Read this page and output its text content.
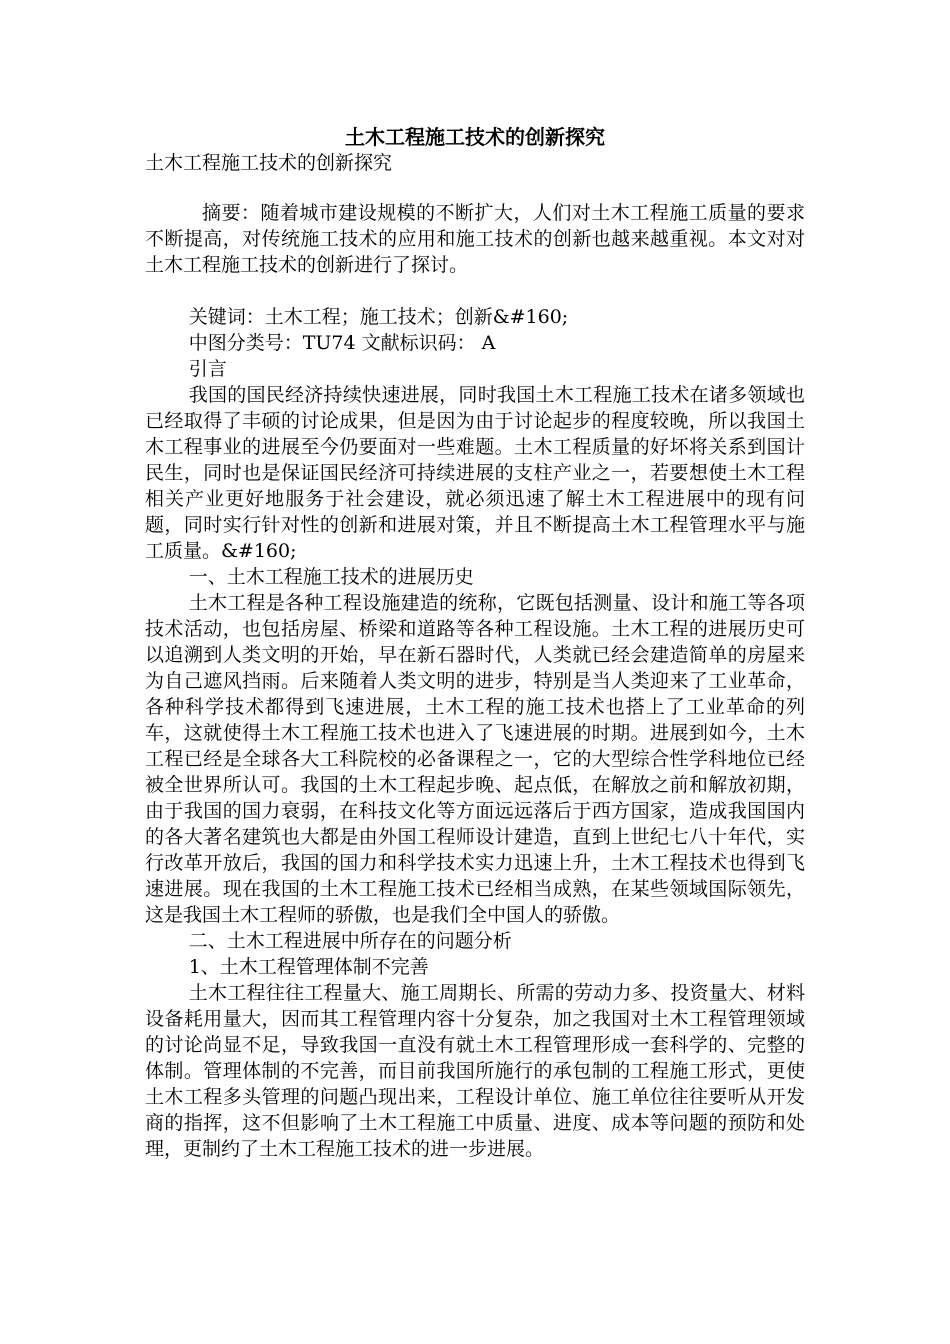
土木工程施工技术的创新探究
土木工程施工技术的创新探究

摘要：随着城市建设规模的不断扩大，人们对土木工程施工质量的要求不断提高，对传统施工技术的应用和施工技术的创新也越来越重视。本文对对土木工程施工技术的创新进行了探讨。

关键词：土木工程；施工技术；创新&#160;

中图分类号：TU74 文献标识码： A

引言

我国的国民经济持续快速进展，同时我国土木工程施工技术在诸多领域也已经取得了丰硕的讨论成果，但是因为由于讨论起步的程度较晚，所以我国土木工程事业的进展至今仍要面对一些难题。土木工程质量的好坏将关系到国计民生，同时也是保证国民经济可持续进展的支柱产业之一，若要想使土木工程相关产业更好地服务于社会建设，就必须迅速了解土木工程进展中的现有问题，同时实行针对性的创新和进展对策，并且不断提高土木工程管理水平与施工质量。&#160;

一、土木工程施工技术的进展历史

土木工程是各种工程设施建造的统称，它既包括测量、设计和施工等各项技术活动，也包括房屋、桥梁和道路等各种工程设施。土木工程的进展历史可以追溯到人类文明的开始，早在新石器时代，人类就已经会建造简单的房屋来为自己遮风挡雨。后来随着人类文明的进步，特别是当人类迎来了工业革命，各种科学技术都得到飞速进展，土木工程的施工技术也搭上了工业革命的列车，这就使得土木工程施工技术也进入了飞速进展的时期。进展到如今，土木工程已经是全球各大工科院校的必备课程之一，它的大型综合性学科地位已经被全世界所认可。我国的土木工程起步晚、起点低，在解放之前和解放初期，由于我国的国力衰弱，在科技文化等方面远远落后于西方国家，造成我国国内的各大著名建筑也大都是由外国工程师设计建造，直到上世纪七八十年代，实行改革开放后，我国的国力和科学技术实力迅速上升，土木工程技术也得到飞速进展。现在我国的土木工程施工技术已经相当成熟，在某些领域国际领先，这是我国土木工程师的骄傲，也是我们全中国人的骄傲。

二、土木工程进展中所存在的问题分析

1、土木工程管理体制不完善

土木工程往往工程量大、施工周期长、所需的劳动力多、投资量大、材料设备耗用量大，因而其工程管理内容十分复杂，加之我国对土木工程管理领域的讨论尚显不足，导致我国一直没有就土木工程管理形成一套科学的、完整的体制。管理体制的不完善，而目前我国所施行的承包制的工程施工形式，更使土木工程多头管理的问题凸现出来，工程设计单位、施工单位往往要听从开发商的指挥，这不但影响了土木工程施工中质量、进度、成本等问题的预防和处理，更制约了土木工程施工技术的进一步进展。
